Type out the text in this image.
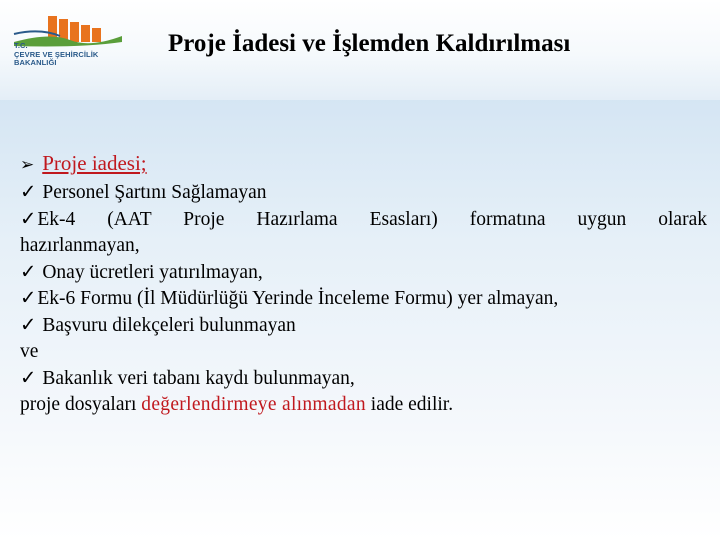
T.C.
ÇEVRE VE ŞEHİRCİLİK
BAKANLIĞI
Proje İadesi ve İşlemden Kaldırılması
➢ Proje iadesi;
✓ Personel Şartını Sağlamayan
✓Ek-4 (AAT Proje Hazırlama Esasları) formatına uygun olarak
hazırlanmayan,
✓ Onay ücretleri yatırılmayan,
✓Ek-6 Formu (İl Müdürlüğü Yerinde İnceleme Formu) yer almayan,
✓ Başvuru dilekçeleri bulunmayan
ve
✓ Bakanlık veri tabanı kaydı bulunmayan,
proje dosyaları değerlendirmeye alınmadan iade edilir.
